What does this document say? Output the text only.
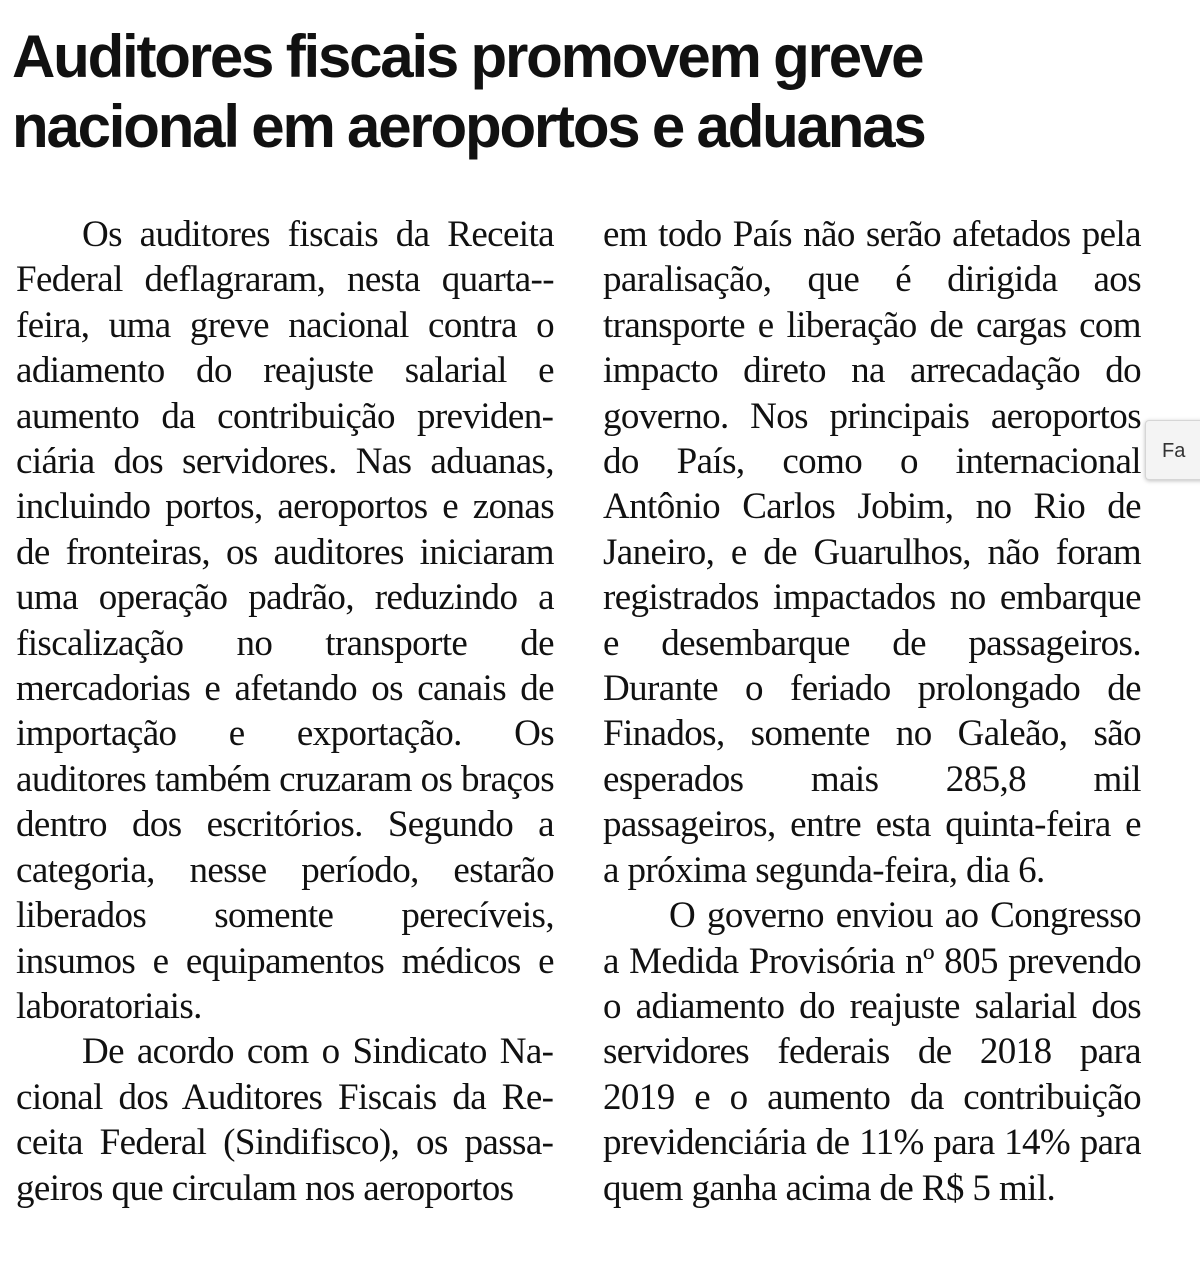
Auditores fiscais promovem greve nacional em aeroportos e aduanas

Os auditores fiscais da Receita Federal deflagraram, nesta quarta--feira, uma greve nacional contra o adiamento do reajuste salarial e aumento da contribuição previdenciária dos servidores. Nas aduanas, incluindo portos, aeroportos e zonas de fronteiras, os auditores iniciaram uma operação padrão, reduzindo a fiscalização no transporte de mercadorias e afetando os canais de importação e exportação. Os auditores também cruzaram os braços dentro dos escritórios. Segundo a categoria, nesse período, estarão liberados somente perecíveis, insumos e equipamentos médicos e laboratoriais.

De acordo com o Sindicato Nacional dos Auditores Fiscais da Receita Federal (Sindifisco), os passageiros que circulam nos aeroportos

em todo País não serão afetados pela paralisação, que é dirigida aos transporte e liberação de cargas com impacto direto na arrecadação do governo. Nos principais aeroportos do País, como o internacional Antônio Carlos Jobim, no Rio de Janeiro, e de Guarulhos, não foram registrados impactados no embarque e desembarque de passageiros. Durante o feriado prolongado de Finados, somente no Galeão, são esperados mais 285,8 mil passageiros, entre esta quinta-feira e a próxima segunda-feira, dia 6.

O governo enviou ao Congresso a Medida Provisória nº 805 prevendo o adiamento do reajuste salarial dos servidores federais de 2018 para 2019 e o aumento da contribuição previdenciária de 11% para 14% para quem ganha acima de R$ 5 mil.

Fa
